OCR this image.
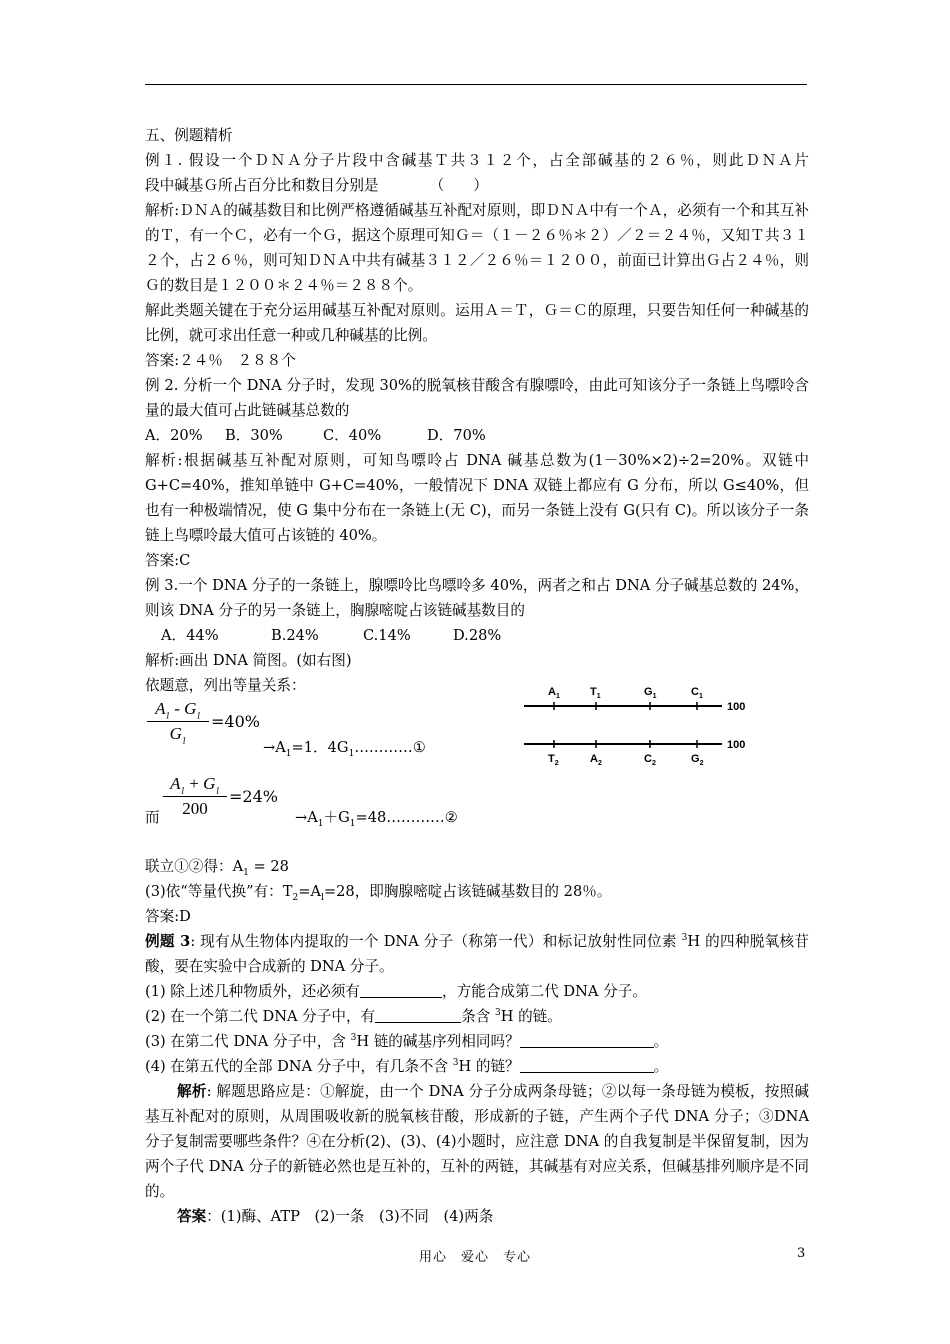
五、例题精析

例１. 假设一个ＤＮＡ分子片段中含碱基Ｔ共３１２个，占全部碱基的２６％，则此ＤＮＡ片

段中碱基Ｇ所占百分比和数目分别是　　　　（　　）

解析:ＤＮＡ的碱基数目和比例严格遵循碱基互补配对原则，即ＤＮＡ中有一个Ａ，必须有一个和其互补的Ｔ，有一个Ｃ，必有一个Ｇ，据这个原理可知Ｇ＝（１－２６％＊２）／２＝２４％，又知Ｔ共３１２个，占２６％，则可知ＤＮＡ中共有碱基３１２／２６％＝１２００，前面已计算出Ｇ占２４％，则Ｇ的数目是１２００＊２４％＝２８８个。

解此类题关键在于充分运用碱基互补配对原则。运用Ａ＝Ｔ，Ｇ＝Ｃ的原理，只要告知任何一种碱基的比例，就可求出任意一种或几种碱基的比例。

答案:２４％　２８８个

例 2. 分析一个 DNA 分子时，发现 30%的脱氧核苷酸含有腺嘌呤，由此可知该分子一条链上鸟嘌呤含量的最大值可占此链碱基总数的

A．20% B．30%	C．40%	D．70%

解析:根据碱基互补配对原则，可知鸟嘌呤占 DNA 碱基总数为(1－30%×2)÷2=20%。双链中 G+C=40%，推知单链中 G+C=40%，一般情况下 DNA 双链上都应有 G 分布，所以 G≤40%，但也有一种极端情况，使 G 集中分布在一条链上(无 C)，而另一条链上没有 G(只有 C)。所以该分子一条链上鸟嘌呤最大值可占该链的 40%。

答案:C

例 3.一个 DNA 分子的一条链上，腺嘌呤比鸟嘌呤多 40%，两者之和占 DNA 分子碱基总数的 24%，则该 DNA 分子的另一条链上，胸腺嘧啶占该链碱基数目的

A．44%	B.24%	C.14%	D.28%

解析:画出 DNA 简图。(如右图)

依题意，列出等量关系：

$A_1 - G_1$
$G_1$
=40%
$\to A_1=1$．$4G_1\dots\dots\dots\dots ①$
而
$A_1 + G_1$
200
=24%
$\to A_1+G_1=48\dots\dots\dots\dots ②$

联立①②得：$A_1 = 28$

(3)依“等量代换”有：$T_2=A_l=28$，即胸腺嘧啶占该链碱基数目的 28％。

答案:D

例题 3: 现有从生物体内提取的一个 DNA 分子（称第一代）和标记放射性同位素 $^3$H 的四种脱氧核苷酸，要在实验中合成新的 DNA 分子。

(1) 除上述几种物质外，还必须有	，方能合成第二代 DNA 分子。

(2) 在一个第二代 DNA 分子中，有	条含 $^3$H 的链。

(3) 在第二代 DNA 分子中，含 $^3$H 链的碱基序列相同吗？	。

(4) 在第五代的全部 DNA 分子中，有几条不含 $^3$H 的链？	。

解析: 解题思路应是：①解旋，由一个 DNA 分子分成两条母链；②以每一条母链为模板，按照碱基互补配对的原则，从周围吸收新的脱氧核苷酸，形成新的子链，产生两个子代 DNA 分子；③DNA 分子复制需要哪些条件？④在分析(2)、(3)、(4)小题时，应注意 DNA 的自我复制是半保留复制，因为两个子代 DNA 分子的新链必然也是互补的，互补的两链，其碱基有对应关系，但碱基排列顺序是不同的。

答案：(1)酶、ATP　(2)一条　(3)不同　(4)两条

$A_1$	$T_1$	$G_1$	$C_1$
$T_2$	$A_2$	$C_2$	$G_2$
100
100
用心　爱心　专心	3
